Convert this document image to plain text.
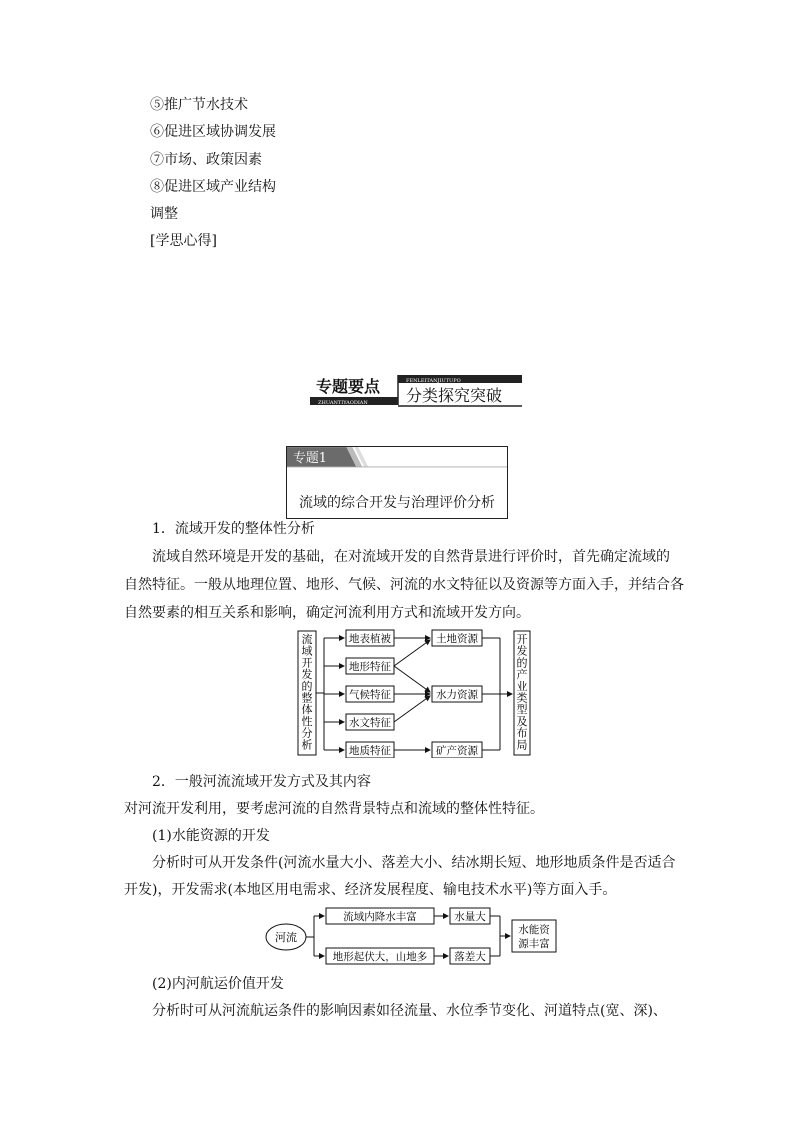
⑤推广节水技术
⑥促进区域协调发展
⑦市场、政策因素
⑧促进区域产业结构
调整
[学思心得]
专题要点
ZHUANTIYAODIAN
FENLEITANJIUTUPO
分类探究突破
专题1
流域的综合开发与治理评价分析
1．流域开发的整体性分析
流域自然环境是开发的基础，在对流域开发的自然背景进行评价时，首先确定流域的
自然特征。一般从地理位置、地形、气候、河流的水文特征以及资源等方面入手，并结合各
自然要素的相互关系和影响，确定河流利用方式和流域开发方向。
流域开发的整体性分析
开发的产业类型及布局
地表植被
地形特征
气候特征
水文特征
地质特征
土地资源
水力资源
矿产资源
2．一般河流流域开发方式及其内容
对河流开发利用，要考虑河流的自然背景特点和流域的整体性特征。
(1)水能资源的开发
分析时可从开发条件(河流水量大小、落差大小、结冰期长短、地形地质条件是否适合
开发)，开发需求(本地区用电需求、经济发展程度、输电技术水平)等方面入手。
河流
流域内降水丰富
地形起伏大，山地多
水量大
落差大
水能资
源丰富
(2)内河航运价值开发
分析时可从河流航运条件的影响因素如径流量、水位季节变化、河道特点(宽、深)、
